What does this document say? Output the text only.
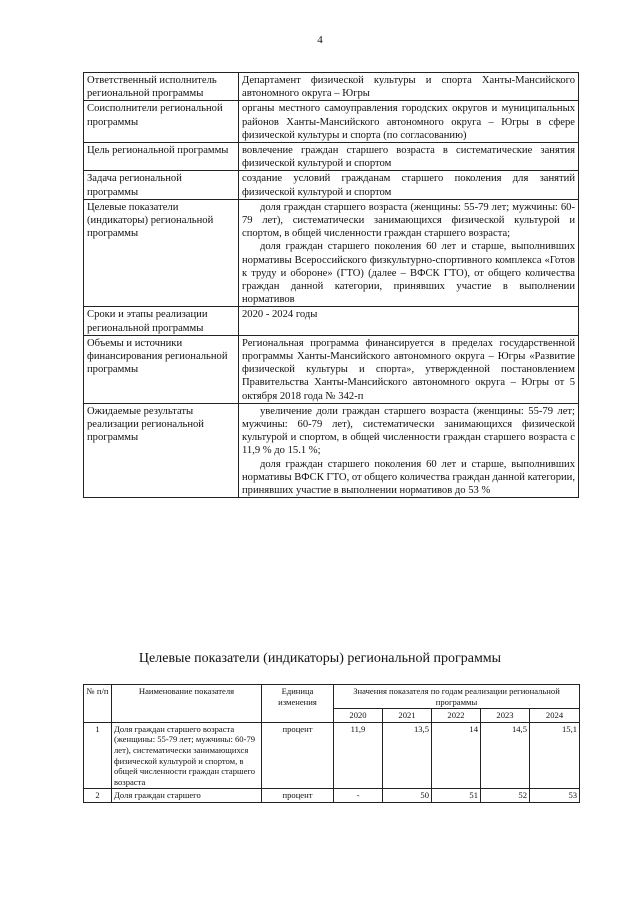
4
Ответственный исполнитель региональной программы	Департамент физической культуры и спорта Ханты-Мансийского автономного округа – Югры

Соисполнители региональной программы	органы местного самоуправления городских округов и муниципальных районов Ханты-Мансийского автономного округа – Югры в сфере физической культуры и спорта (по согласованию)

Цель региональной программы	вовлечение граждан старшего возраста в систематические занятия физической культурой и спортом

Задача региональной программы	создание условий гражданам старшего поколения для занятий физической культурой и спортом

Целевые показатели (индикаторы) региональной программы	доля граждан старшего возраста (женщины: 55-79 лет; мужчины: 60-79 лет), систематически занимающихся физической культурой и спортом, в общей численности граждан старшего возраста;

доля граждан старшего поколения 60 лет и старше, выполнивших нормативы Всероссийского физкультурно-спортивного комплекса «Готов к труду и обороне» (ГТО) (далее – ВФСК ГТО), от общего количества граждан данной категории, принявших участие в выполнении нормативов

Сроки и этапы реализации региональной программы	2020 - 2024 годы

Объемы и источники финансирования региональной программы	Региональная программа финансируется в пределах государственной программы Ханты-Мансийского автономного округа – Югры «Развитие физической культуры и спорта», утвержденной постановлением Правительства Ханты-Мансийского автономного округа – Югры от 5 октября 2018 года № 342-п

Ожидаемые результаты реализации региональной программы	увеличение доли граждан старшего возраста (женщины: 55-79 лет; мужчины: 60-79 лет), систематически занимающихся физической культурой и спортом, в общей численности граждан старшего возраста с 11,9 % до 15.1 %;

доля граждан старшего поколения 60 лет и старше, выполнивших нормативы ВФСК ГТО, от общего количества граждан данной категории, принявших участие в выполнении нормативов до 53 %

Целевые показатели (индикаторы) региональной программы
№ п/п	Наименование показателя	Единица изменения	Значения показателя по годам реализации региональной программы				
			2020	2021	2022	2023	2024
1	Доля граждан старшего возраста (женщины: 55-79 лет; мужчины: 60-79 лет), систематически занимающихся физической культурой и спортом, в общей численности граждан старшего возраста	процент	11,9	13,5	14	14,5	15,1
2	Доля граждан старшего	процент	-	50	51	52	53
